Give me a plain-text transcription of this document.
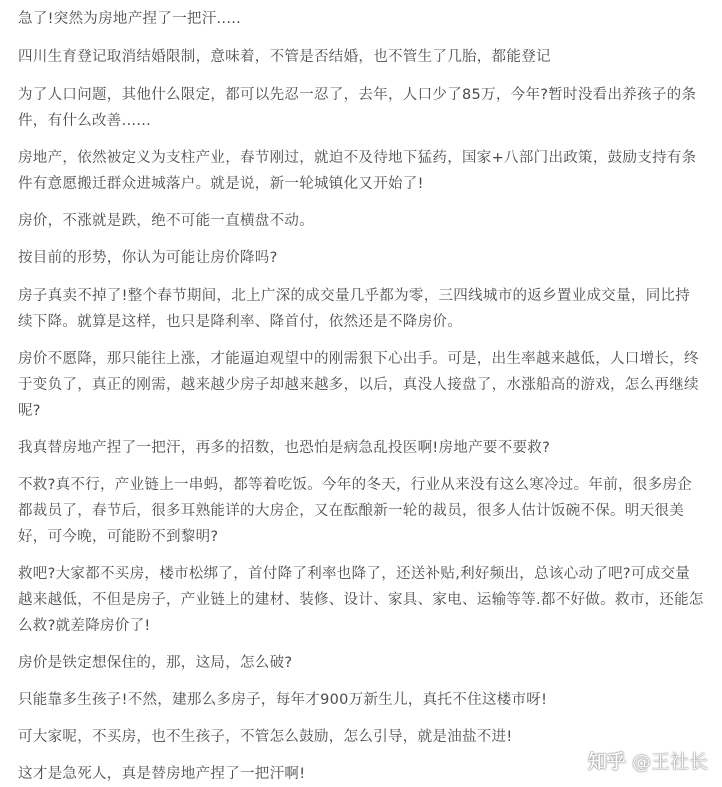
急了!突然为房地产捏了一把汗.....

四川生育登记取消结婚限制，意味着，不管是否结婚，也不管生了几胎，都能登记

为了人口问题，其他什么限定，都可以先忍一忍了，去年，人口少了85万，今年?暂时没看出养孩子的条件，有什么改善......

房地产，依然被定义为支柱产业，春节刚过，就迫不及待地下猛药，国家+八部门出政策，鼓励支持有条件有意愿搬迁群众进城落户。就是说，新一轮城镇化又开始了!

房价，不涨就是跌，绝不可能一直横盘不动。

按目前的形势，你认为可能让房价降吗?

房子真卖不掉了!整个春节期间，北上广深的成交量几乎都为零，三四线城市的返乡置业成交量，同比持续下降。就算是这样，也只是降利率、降首付，依然还是不降房价。

房价不愿降，那只能往上涨，才能逼迫观望中的刚需狠下心出手。可是，出生率越来越低，人口增长，终于变负了，真正的刚需，越来越少房子却越来越多，以后，真没人接盘了，水涨船高的游戏，怎么再继续呢?

我真替房地产捏了一把汗，再多的招数，也恐怕是病急乱投医啊!房地产要不要救?

不救?真不行，产业链上一串蚂，都等着吃饭。今年的冬天，行业从来没有这么寒冷过。年前，很多房企都裁员了，春节后，很多耳熟能详的大房企，又在酝酿新一轮的裁员，很多人估计饭碗不保。明天很美好，可今晚，可能盼不到黎明?

救吧?大家都不买房，楼市松绑了，首付降了利率也降了，还送补贴,利好频出，总该心动了吧?可成交量越来越低，不但是房子，产业链上的建材、装修、设计、家具、家电、运输等等.都不好做。救市，还能怎么救?就差降房价了!

房价是铁定想保住的，那，这局，怎么破?

只能靠多生孩子!不然，建那么多房子，每年才900万新生儿，真托不住这楼市呀!

可大家呢，不买房，也不生孩子，不管怎么鼓励，怎么引导，就是油盐不进!

这才是急死人，真是替房地产捏了一把汗啊!

知乎 @王社长
